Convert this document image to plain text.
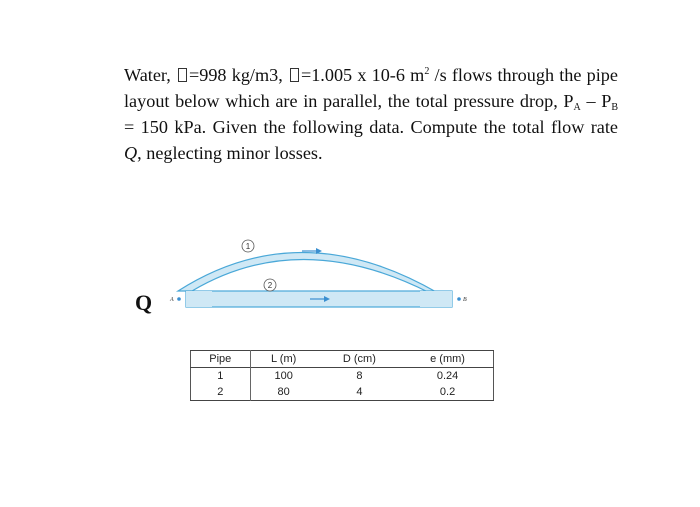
Water, =998 kg/m3, =1.005 x 10-6 $m^2$ /s flows through the pipe layout below which are in parallel, the total pressure drop, $P_A - P_B = 150$ kPa. Given the following data. Compute the total flow rate Q, neglecting minor losses.

Q
1
2
A	B
Pipe	L (m)	D (cm)	e (mm)
1	100	8	0.24
2	80	4	0.2
